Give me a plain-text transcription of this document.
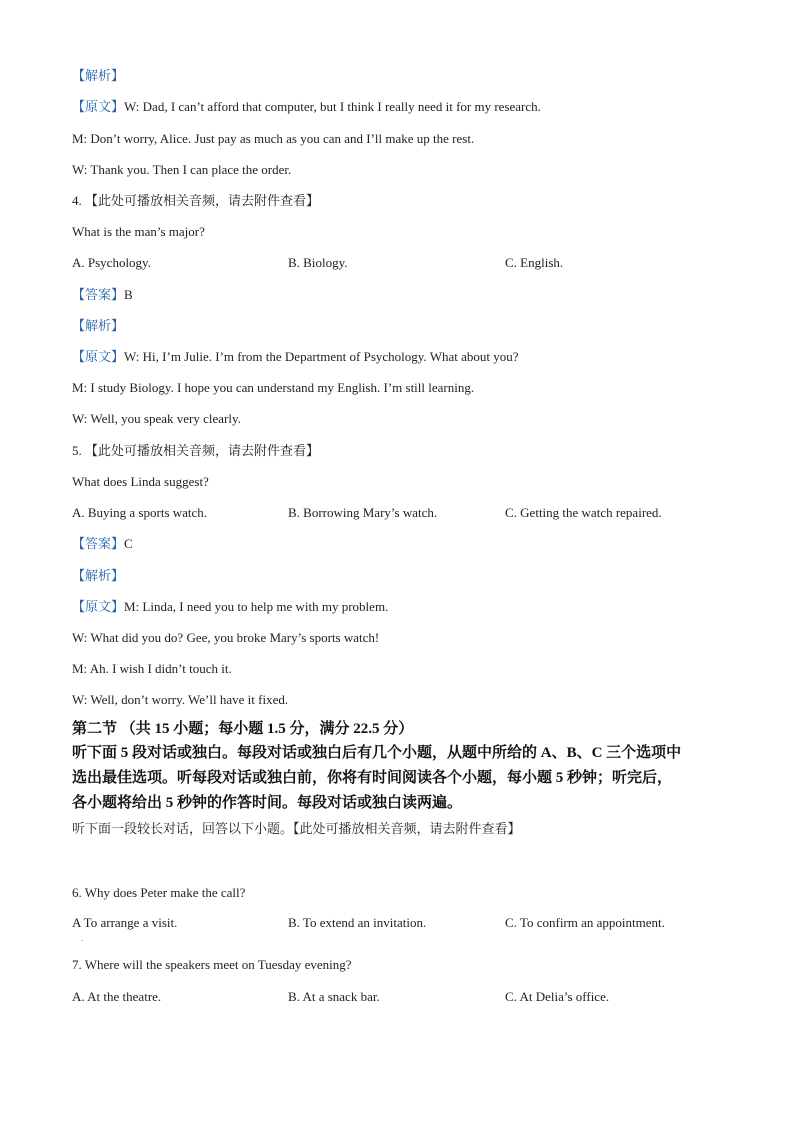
【解析】
【原文】W: Dad, I can’t afford that computer, but I think I really need it for my research.
M: Don’t worry, Alice. Just pay as much as you can and I’ll make up the rest.
W: Thank you. Then I can place the order.
4. 【此处可播放相关音频，请去附件查看】
What is the man’s major?
A. Psychology.	B. Biology.	C. English.
【答案】B
【解析】
【原文】W: Hi, I’m Julie. I’m from the Department of Psychology. What about you?
M: I study Biology. I hope you can understand my English. I’m still learning.
W: Well, you speak very clearly.
5. 【此处可播放相关音频，请去附件查看】
What does Linda suggest?
A. Buying a sports watch.	B. Borrowing Mary’s watch.	C. Getting the watch repaired.
【答案】C
【解析】
【原文】M: Linda, I need you to help me with my problem.
W: What did you do? Gee, you broke Mary’s sports watch!
M: Ah. I wish I didn’t touch it.
W: Well, don’t worry. We’ll have it fixed.
第二节 （共 15 小题；每小题 1.5 分，满分 22.5 分）
听下面 5 段对话或独白。每段对话或独白后有几个小题，从题中所给的 A、B、C 三个选项中
选出最佳选项。听每段对话或独白前，你将有时间阅读各个小题，每小题 5 秒钟；听完后，
各小题将给出 5 秒钟的作答时间。每段对话或独白读两遍。
听下面一段较长对话，回答以下小题。【此处可播放相关音频，请去附件查看】
6. Why does Peter make the call?
A To arrange a visit.	B. To extend an invitation.	C. To confirm an appointment.
.
7. Where will the speakers meet on Tuesday evening?
A. At the theatre.	B. At a snack bar.	C. At Delia’s office.
